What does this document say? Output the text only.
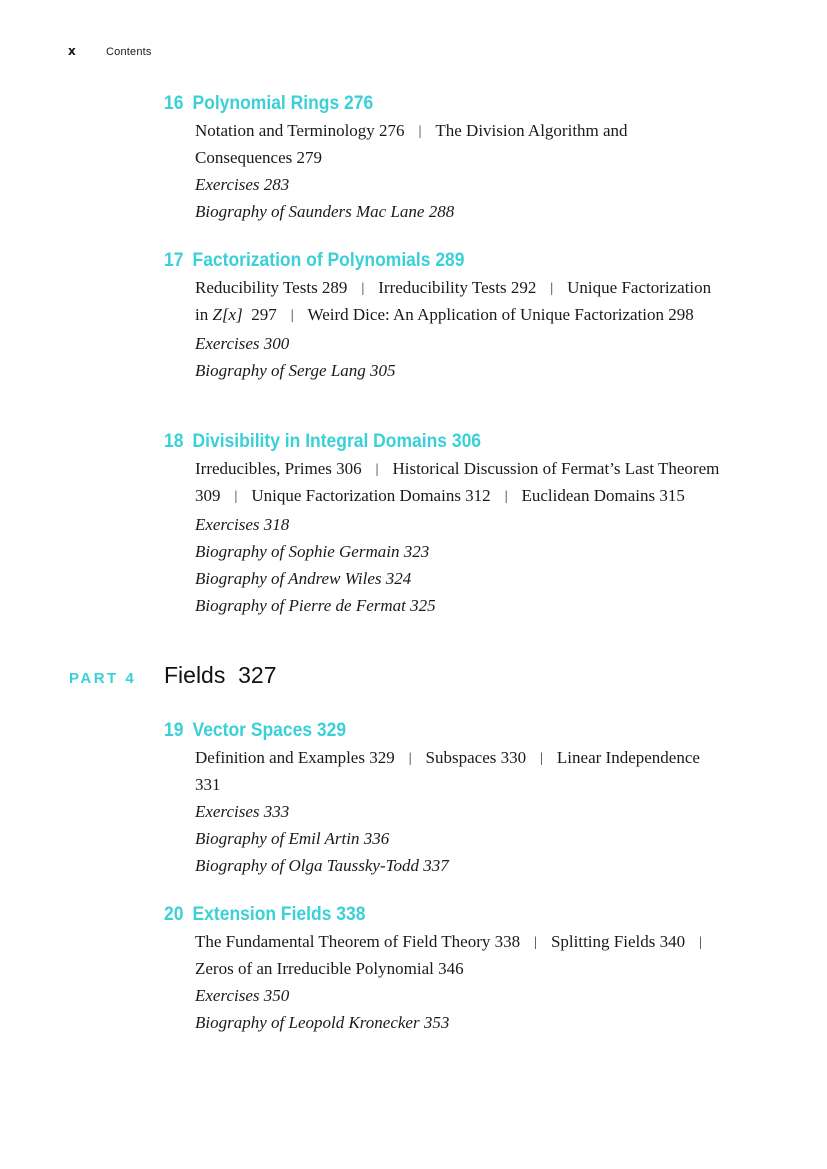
x	Contents
16 Polynomial Rings 276

Notation and Terminology 276 | The Division Algorithm and Consequences 279

Exercises 283
Biography of Saunders Mac Lane 288
17 Factorization of Polynomials 289

Reducibility Tests 289 | Irreducibility Tests 292 | Unique Factorization in Z[x]  297 | Weird Dice: An Application of Unique Factorization 298

Exercises 300
Biography of Serge Lang 305
18 Divisibility in Integral Domains 306

Irreducibles, Primes 306 | Historical Discussion of Fermat’s Last Theorem 309 | Unique Factorization Domains 312 | Euclidean Domains 315

Exercises 318
Biography of Sophie Germain 323
Biography of Andrew Wiles 324
Biography of Pierre de Fermat 325
PART 4	Fields  327
19 Vector Spaces 329

Definition and Examples 329 | Subspaces 330 | Linear Independence 331

Exercises 333
Biography of Emil Artin 336
Biography of Olga Taussky-Todd 337
20 Extension Fields 338

The Fundamental Theorem of Field Theory 338 | Splitting Fields 340 |Zeros of an Irreducible Polynomial 346

Exercises 350
Biography of Leopold Kronecker 353
